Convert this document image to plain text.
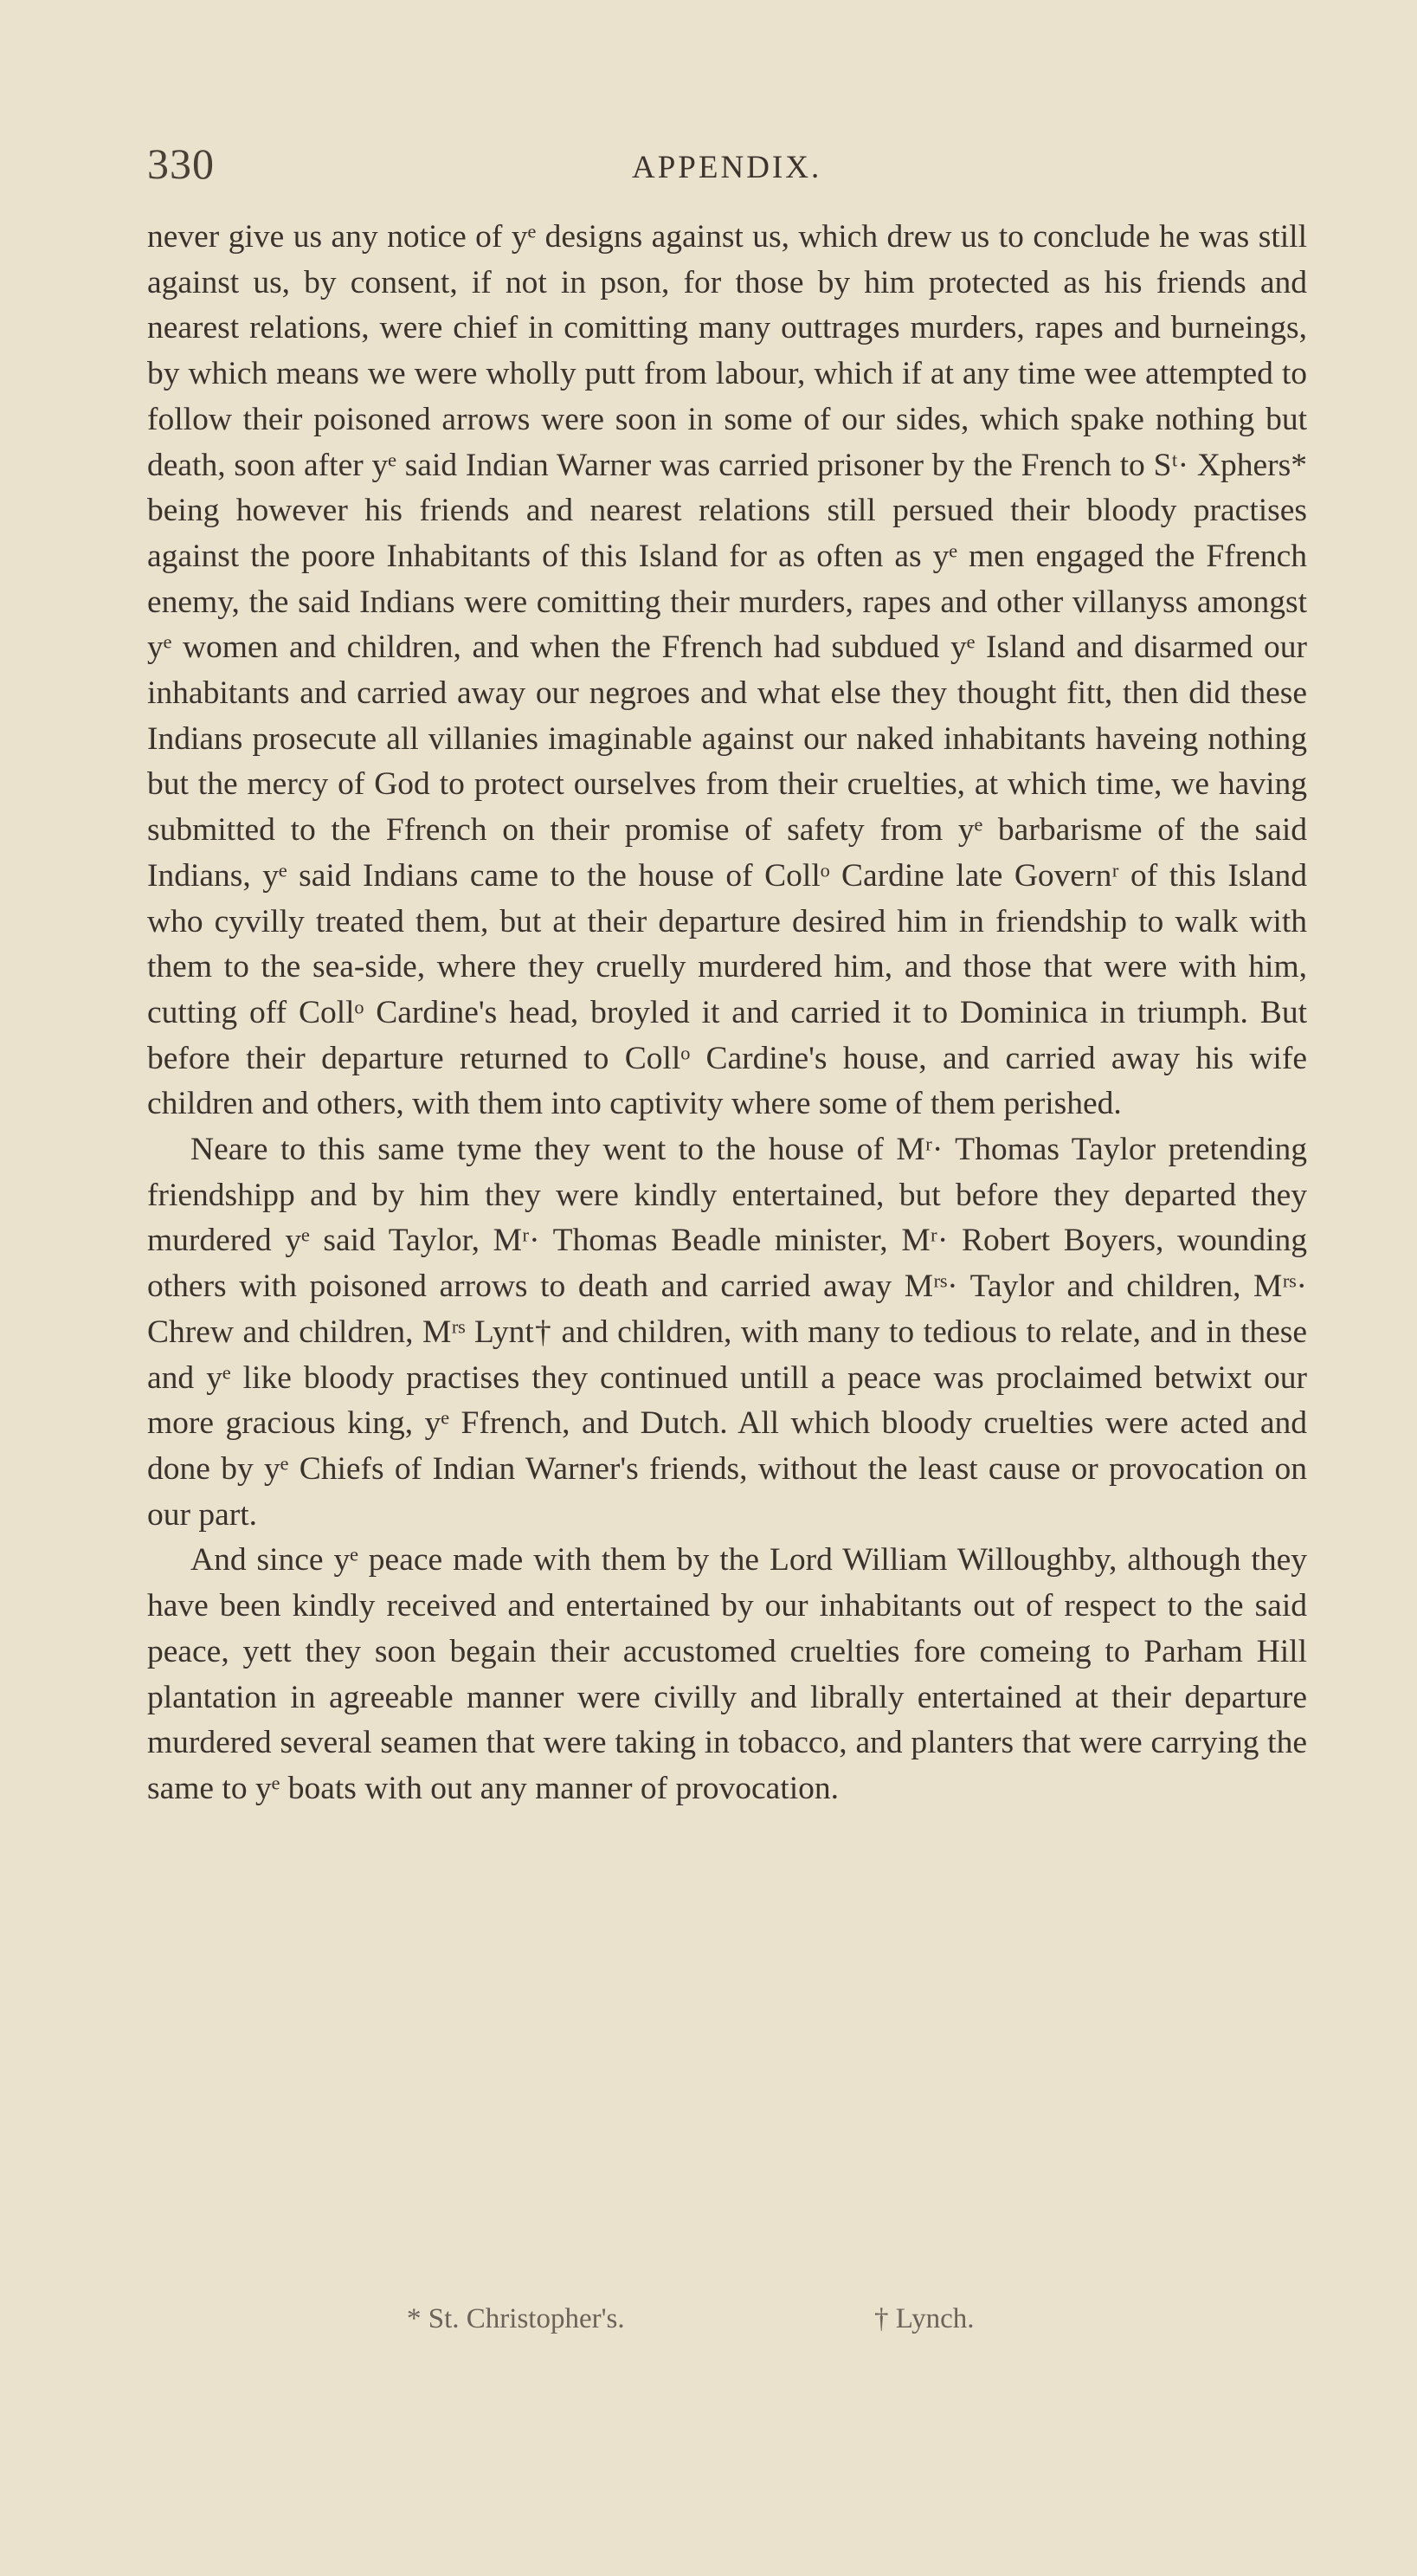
330	APPENDIX.

never give us any notice of yᵉ designs against us, which drew us to conclude he was still against us, by consent, if not in pson, for those by him protected as his friends and nearest relations, were chief in comitting many outtrages murders, rapes and burneings, by which means we were wholly putt from labour, which if at any time wee attempted to follow their poisoned arrows were soon in some of our sides, which spake nothing but death, soon after yᵉ said Indian Warner was carried prisoner by the French to Sᵗ· Xphers* being however his friends and nearest relations still persued their bloody practises against the poore Inhabitants of this Island for as often as yᵉ men engaged the Ffrench enemy, the said Indians were comitting their murders, rapes and other villanyss amongst yᵉ women and children, and when the Ffrench had subdued yᵉ Island and disarmed our inhabitants and carried away our negroes and what else they thought fitt, then did these Indians prosecute all villanies imaginable against our naked inhabitants haveing nothing but the mercy of God to protect ourselves from their cruelties, at which time, we having submitted to the Ffrench on their promise of safety from yᵉ barbarisme of the said Indians, yᵉ said Indians came to the house of Collᵒ Cardine late Governʳ of this Island who cyvilly treated them, but at their departure desired him in friendship to walk with them to the sea-side, where they cruelly murdered him, and those that were with him, cutting off Collᵒ Cardine's head, broyled it and carried it to Dominica in triumph. But before their departure returned to Collᵒ Cardine's house, and carried away his wife children and others, with them into captivity where some of them perished.

Neare to this same tyme they went to the house of Mʳ· Thomas Taylor pretending friendshipp and by him they were kindly entertained, but before they departed they murdered yᵉ said Taylor, Mʳ· Thomas Beadle minister, Mʳ· Robert Boyers, wounding others with poisoned arrows to death and carried away Mʳˢ· Taylor and children, Mʳˢ· Chrew and children, Mʳˢ Lynt† and children, with many to tedious to relate, and in these and yᵉ like bloody practises they continued untill a peace was proclaimed betwixt our more gracious king, yᵉ Ffrench, and Dutch. All which bloody cruelties were acted and done by yᵉ Chiefs of Indian Warner's friends, without the least cause or provocation on our part.

And since yᵉ peace made with them by the Lord William Willoughby, although they have been kindly received and entertained by our inhabitants out of respect to the said peace, yett they soon begain their accustomed cruelties fore comeing to Parham Hill plantation in agreeable manner were civilly and librally entertained at their departure murdered several seamen that were taking in tobacco, and planters that were carrying the same to yᵉ boats with out any manner of provocation.

* St. Christopher's.	† Lynch.
